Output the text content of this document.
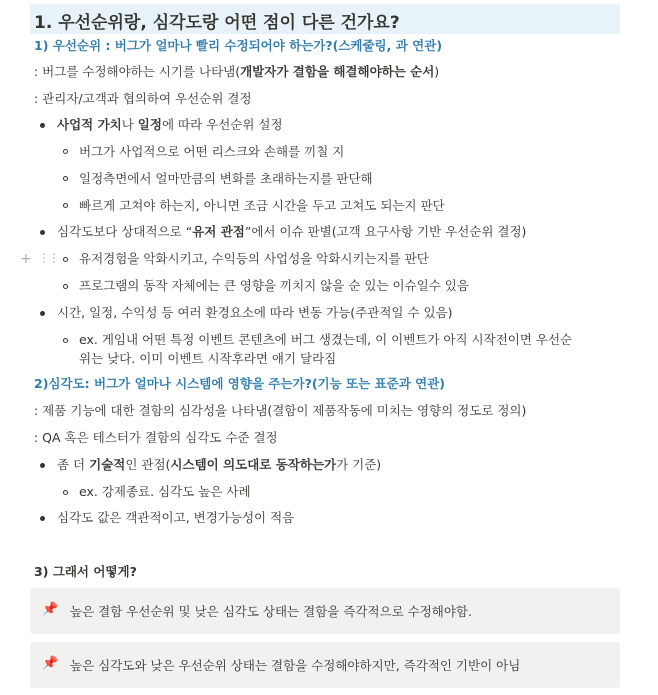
1. 우선순위랑, 심각도랑 어떤 점이 다른 건가요?
1) 우선순위 : 버그가 얼마나 빨리 수정되어야 하는가?(스케줄링, 과 연관)
: 버그를 수정해야하는 시기를 나타냄(개발자가 결함을 해결해야하는 순서)
: 관리자/고객과 협의하여 우선순위 결정
사업적 가치나 일정에 따라 우선순위 설정
버그가 사업적으로 어떤 리스크와 손해를 끼칠 지
일정측면에서 얼마만큼의 변화를 초래하는지를 판단해
빠르게 고쳐야 하는지, 아니면 조금 시간을 두고 고쳐도 되는지 판단
심각도보다 상대적으로 “유저 관점”에서 이슈 판별(고객 요구사항 기반 우선순위 결정)
+ ⋮⋮ 유저경험을 악화시키고, 수익등의 사업성을 악화시키는지를 판단
프로그램의 동작 자체에는 큰 영향을 끼치지 않을 순 있는 이슈일수 있음
시간, 일정, 수익성 등 여러 환경요소에 따라 변동 가능(주관적일 수 있음)
ex. 게임내 어떤 특정 이벤트 콘텐츠에 버그 생겼는데, 이 이벤트가 아직 시작전이면 우선순
위는 낮다. 이미 이벤트 시작후라면 얘기 달라짐
2)심각도: 버그가 얼마나 시스템에 영향을 주는가?(기능 또는 표준과 연관)
: 제품 기능에 대한 결함의 심각성을 나타냄(결함이 제품작동에 미치는 영향의 정도로 정의)
: QA 혹은 테스터가 결함의 심각도 수준 결정
좀 더 기술적인 관점(시스템이 의도대로 동작하는가가 기준)
ex. 강제종료. 심각도 높은 사례
심각도 값은 객관적이고, 변경가능성이 적음
3) 그래서 어떻게?
📌 높은 결함 우선순위 및 낮은 심각도 상태는 결함을 즉각적으로 수정해야함.
📌 높은 심각도와 낮은 우선순위 상태는 결함을 수정해야하지만, 즉각적인 기반이 아님
